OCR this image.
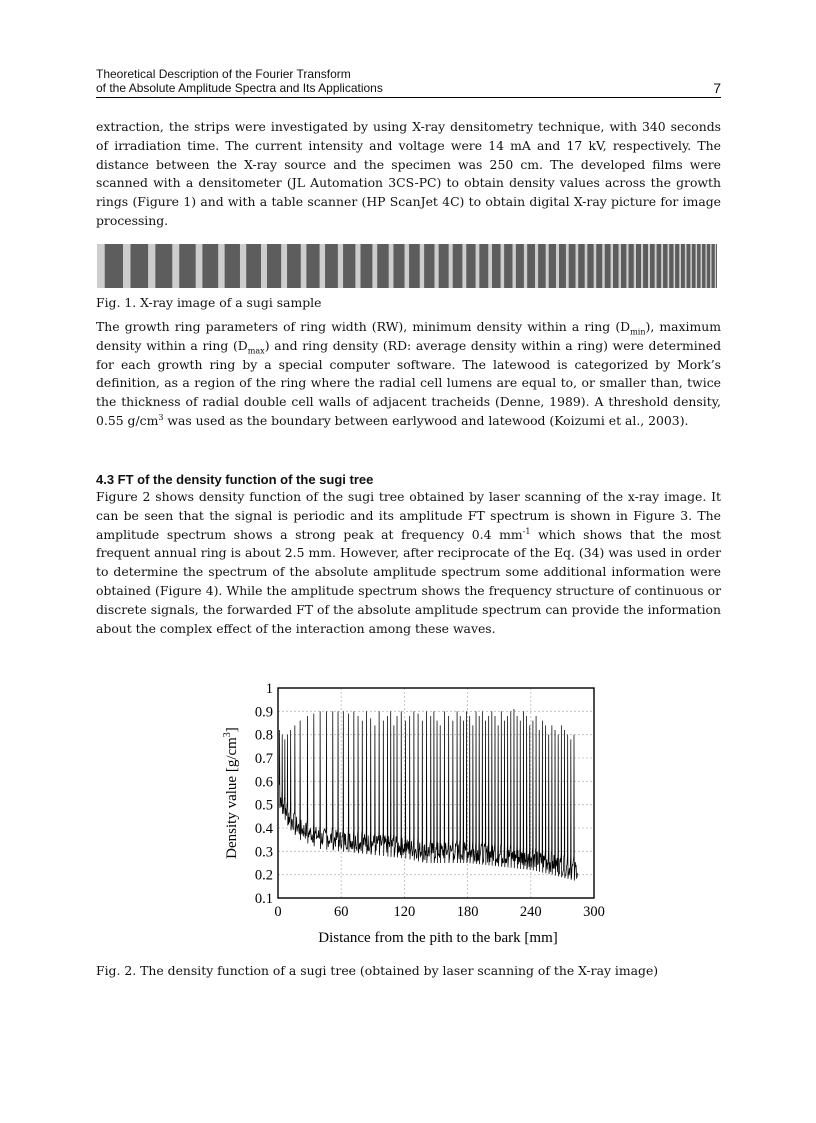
Theoretical Description of the Fourier Transform
of the Absolute Amplitude Spectra and Its Applications	7

extraction, the strips were investigated by using X-ray densitometry technique, with 340 seconds of irradiation time. The current intensity and voltage were 14 mA and 17 kV, respectively. The distance between the X-ray source and the specimen was 250 cm. The developed films were scanned with a densitometer (JL Automation 3CS-PC) to obtain density values across the growth rings (Figure 1) and with a table scanner (HP ScanJet 4C) to obtain digital X-ray picture for image processing.

Fig. 1. X-ray image of a sugi sample

The growth ring parameters of ring width (RW), minimum density within a ring $(D_{min})$, maximum density within a ring $(D_{max})$ and ring density (RD: average density within a ring) were determined for each growth ring by a special computer software. The latewood is categorized by Mork’s definition, as a region of the ring where the radial cell lumens are equal to, or smaller than, twice the thickness of radial double cell walls of adjacent tracheids (Denne, 1989). A threshold density, 0.55 $g/cm^3$ was used as the boundary between earlywood and latewood (Koizumi et al., 2003).

4.3 FT of the density function of the sugi tree

Figure 2 shows density function of the sugi tree obtained by laser scanning of the x-ray image. It can be seen that the signal is periodic and its amplitude FT spectrum is shown in Figure 3. The amplitude spectrum shows a strong peak at frequency 0.4 $mm^{-1}$ which shows that the most frequent annual ring is about 2.5 mm. However, after reciprocate of the Eq. (34) was used in order to determine the spectrum of the absolute amplitude spectrum some additional information were obtained (Figure 4). While the amplitude spectrum shows the frequency structure of continuous or discrete signals, the forwarded FT of the absolute amplitude spectrum can provide the information about the complex effect of the interaction among these waves.

0.1
0.2
0.3
0.4
0.5
0.6
0.7
0.8
0.9
1
0	60	120	180	240	300
Distance from the pith to the bark [mm]
Density value $[g/cm^3]$

Fig. 2. The density function of a sugi tree (obtained by laser scanning of the X-ray image)
